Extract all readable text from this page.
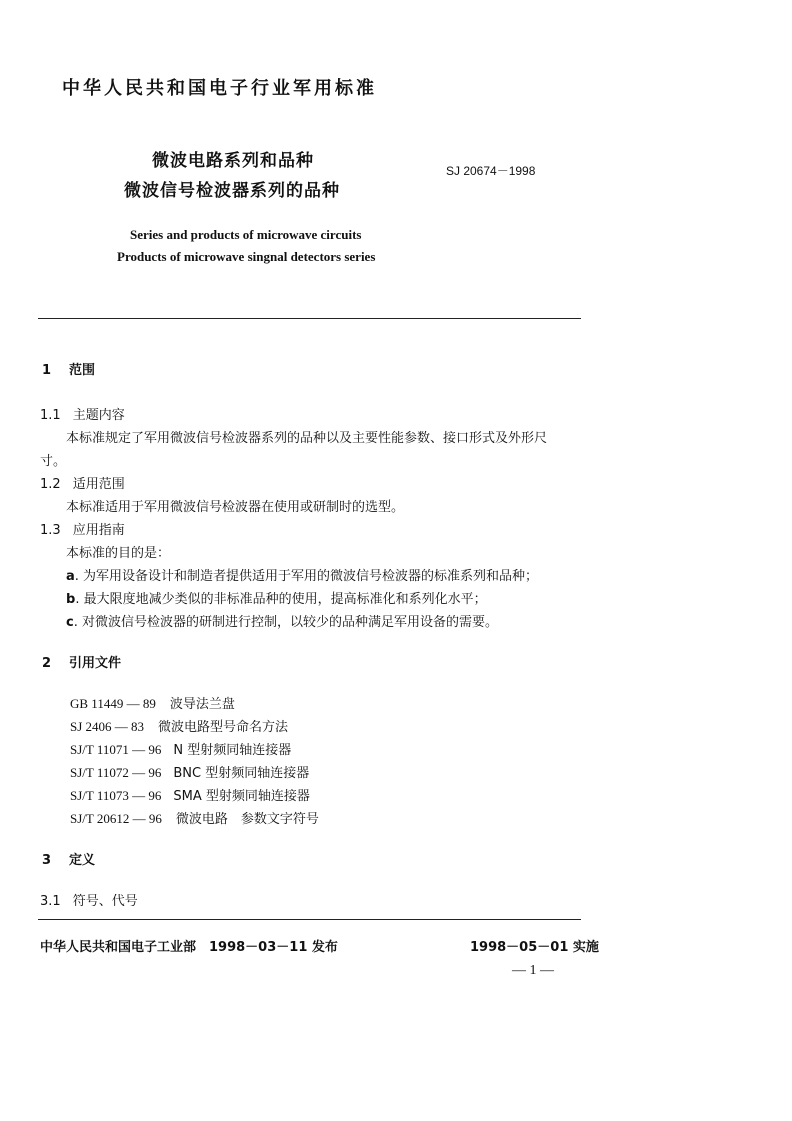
中华人民共和国电子行业军用标准
微波电路系列和品种
微波信号检波器系列的品种
SJ 20674－1998
Series and products of microwave circuits
Products of microwave singnal detectors series
1 范围
1.1 主题内容
本标准规定了军用微波信号检波器系列的品种以及主要性能参数、接口形式及外形尺
寸。
1.2 适用范围
本标准适用于军用微波信号检波器在使用或研制时的选型。
1.3 应用指南
本标准的目的是：
a. 为军用设备设计和制造者提供适用于军用的微波信号检波器的标准系列和品种；
b. 最大限度地减少类似的非标准品种的使用，提高标准化和系列化水平；
c. 对微波信号检波器的研制进行控制，以较少的品种满足军用设备的需要。
2 引用文件
GB 11449 — 89 波导法兰盘
SJ 2406 — 83 微波电路型号命名方法
SJ/T 11071 — 96 N 型射频同轴连接器
SJ/T 11072 — 96 BNC 型射频同轴连接器
SJ/T 11073 — 96 SMA 型射频同轴连接器
SJ/T 20612 — 96 微波电路　参数文字符号
3 定义
3.1 符号、代号
中华人民共和国电子工业部　1998－03－11 发布	1998－05－01 实施
— 1 —
